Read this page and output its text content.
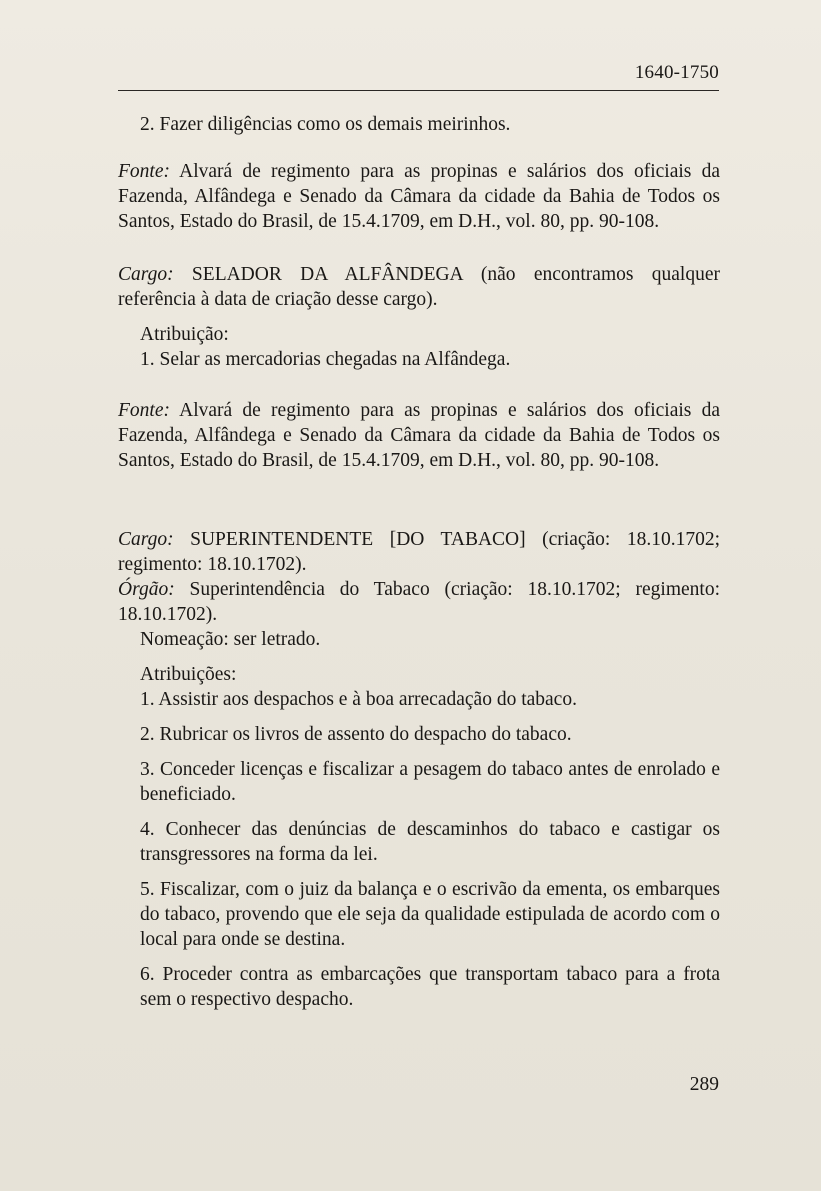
1640-1750

2. Fazer diligências como os demais meirinhos.

Fonte: Alvará de regimento para as propinas e salários dos oficiais da Fazenda, Alfândega e Senado da Câmara da cidade da Bahia de Todos os Santos, Estado do Brasil, de 15.4.1709, em D.H., vol. 80, pp. 90-108.

Cargo: SELADOR DA ALFÂNDEGA (não encontramos qualquer referência à data de criação desse cargo).

Atribuição:

1. Selar as mercadorias chegadas na Alfândega.

Fonte: Alvará de regimento para as propinas e salários dos oficiais da Fazenda, Alfândega e Senado da Câmara da cidade da Bahia de Todos os Santos, Estado do Brasil, de 15.4.1709, em D.H., vol. 80, pp. 90-108.

Cargo: SUPERINTENDENTE [DO TABACO] (criação: 18.10.1702; regimento: 18.10.1702).

Órgão: Superintendência do Tabaco (criação: 18.10.1702; regimento: 18.10.1702).

Nomeação: ser letrado.

Atribuições:

1. Assistir aos despachos e à boa arrecadação do tabaco.

2. Rubricar os livros de assento do despacho do tabaco.

3. Conceder licenças e fiscalizar a pesagem do tabaco antes de enrolado e beneficiado.

4. Conhecer das denúncias de descaminhos do tabaco e castigar os transgressores na forma da lei.

5. Fiscalizar, com o juiz da balança e o escrivão da ementa, os embarques do tabaco, provendo que ele seja da qualidade estipulada de acordo com o local para onde se destina.

6. Proceder contra as embarcações que transportam tabaco para a frota sem o respectivo despacho.

289
